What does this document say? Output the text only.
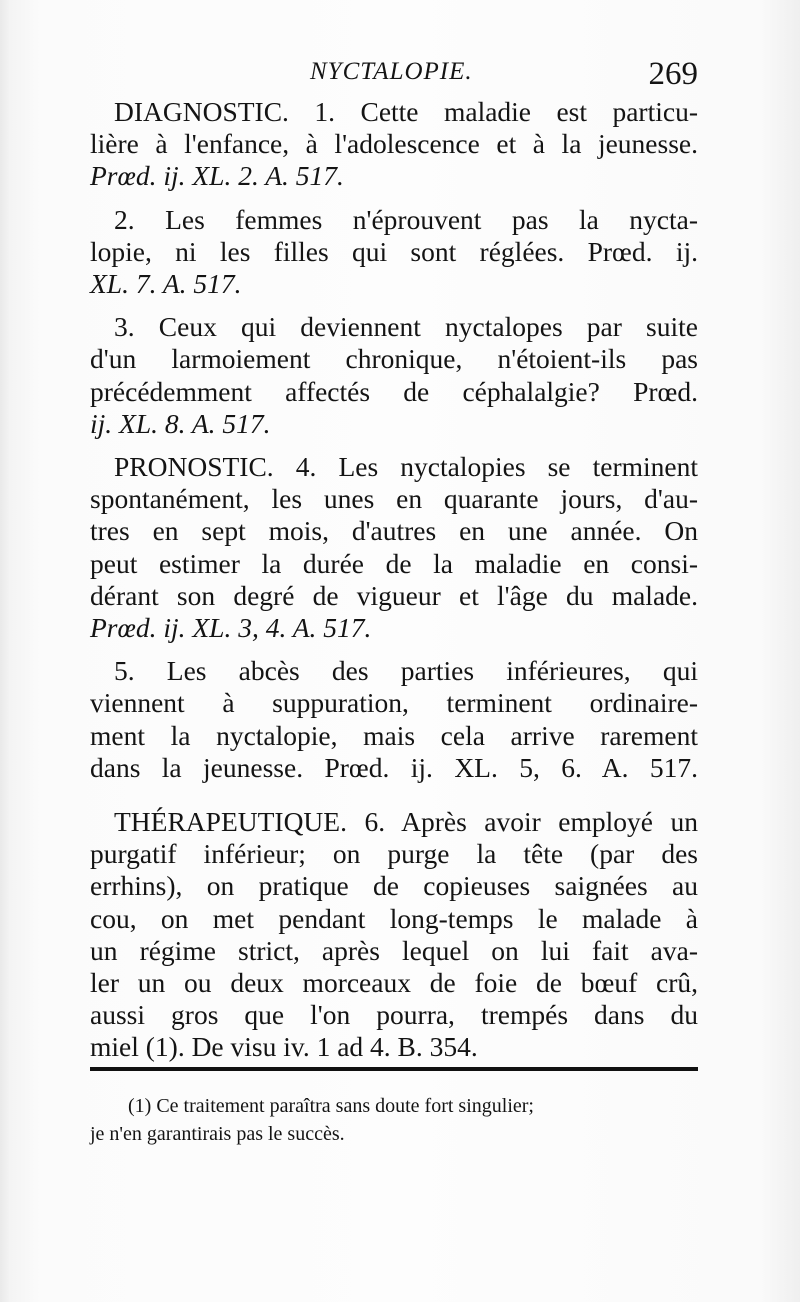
NYCTALOPIE.	269

DIAGNOSTIC. 1. Cette maladie est particu-
lière à l'enfance, à l'adolescence et à la jeunesse.
Prœd. ij. XL. 2. A. 517.

2. Les femmes n'éprouvent pas la nycta-
lopie, ni les filles qui sont réglées. Prœd. ij.
XL. 7. A. 517.

3. Ceux qui deviennent nyctalopes par suite
d'un larmoiement chronique, n'étoient-ils pas
précédemment affectés de céphalalgie? Prœd.
ij. XL. 8. A. 517.

PRONOSTIC. 4. Les nyctalopies se terminent
spontanément, les unes en quarante jours, d'au-
tres en sept mois, d'autres en une année. On
peut estimer la durée de la maladie en consi-
dérant son degré de vigueur et l'âge du malade.
Prœd. ij. XL. 3, 4. A. 517.

5. Les abcès des parties inférieures, qui
viennent à suppuration, terminent ordinaire-
ment la nyctalopie, mais cela arrive rarement
dans la jeunesse. Prœd. ij. XL. 5, 6. A. 517.

THÉRAPEUTIQUE. 6. Après avoir employé un
purgatif inférieur; on purge la tête (par des
errhins), on pratique de copieuses saignées au
cou, on met pendant long-temps le malade à
un régime strict, après lequel on lui fait ava-
ler un ou deux morceaux de foie de bœuf crû,
aussi gros que l'on pourra, trempés dans du
miel (1). De visu iv. 1 ad 4. B. 354.

(1) Ce traitement paraîtra sans doute fort singulier;
je n'en garantirais pas le succès.
